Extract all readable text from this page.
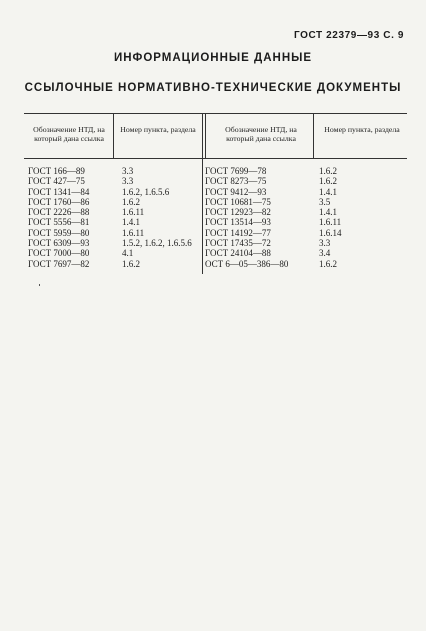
ГОСТ 22379—93 С. 9
ИНФОРМАЦИОННЫЕ ДАННЫЕ
ССЫЛОЧНЫЕ НОРМАТИВНО-ТЕХНИЧЕСКИЕ ДОКУМЕНТЫ
Обозначение НТД, на который дана ссылка
Номер пункта, раздела	Обозначение НТД, на который дана ссылка
Номер пункта, раздела
ГОСТ 166—89
ГОСТ 427—75
ГОСТ 1341—84
ГОСТ 1760—86
ГОСТ 2226—88
ГОСТ 5556—81
ГОСТ 5959—80
ГОСТ 6309—93
ГОСТ 7000—80
ГОСТ 7697—82
3.3
3.3
1.6.2, 1.6.5.6
1.6.2
1.6.11
1.4.1
1.6.11
1.5.2, 1.6.2, 1.6.5.6
4.1
1.6.2
ГОСТ 7699—78
ГОСТ 8273—75
ГОСТ 9412—93
ГОСТ 10681—75
ГОСТ 12923—82
ГОСТ 13514—93
ГОСТ 14192—77
ГОСТ 17435—72
ГОСТ 24104—88
ОСТ 6—05—386—80
1.6.2
1.6.2
1.4.1
3.5
1.4.1
1.6.11
1.6.14
3.3
3.4
1.6.2
